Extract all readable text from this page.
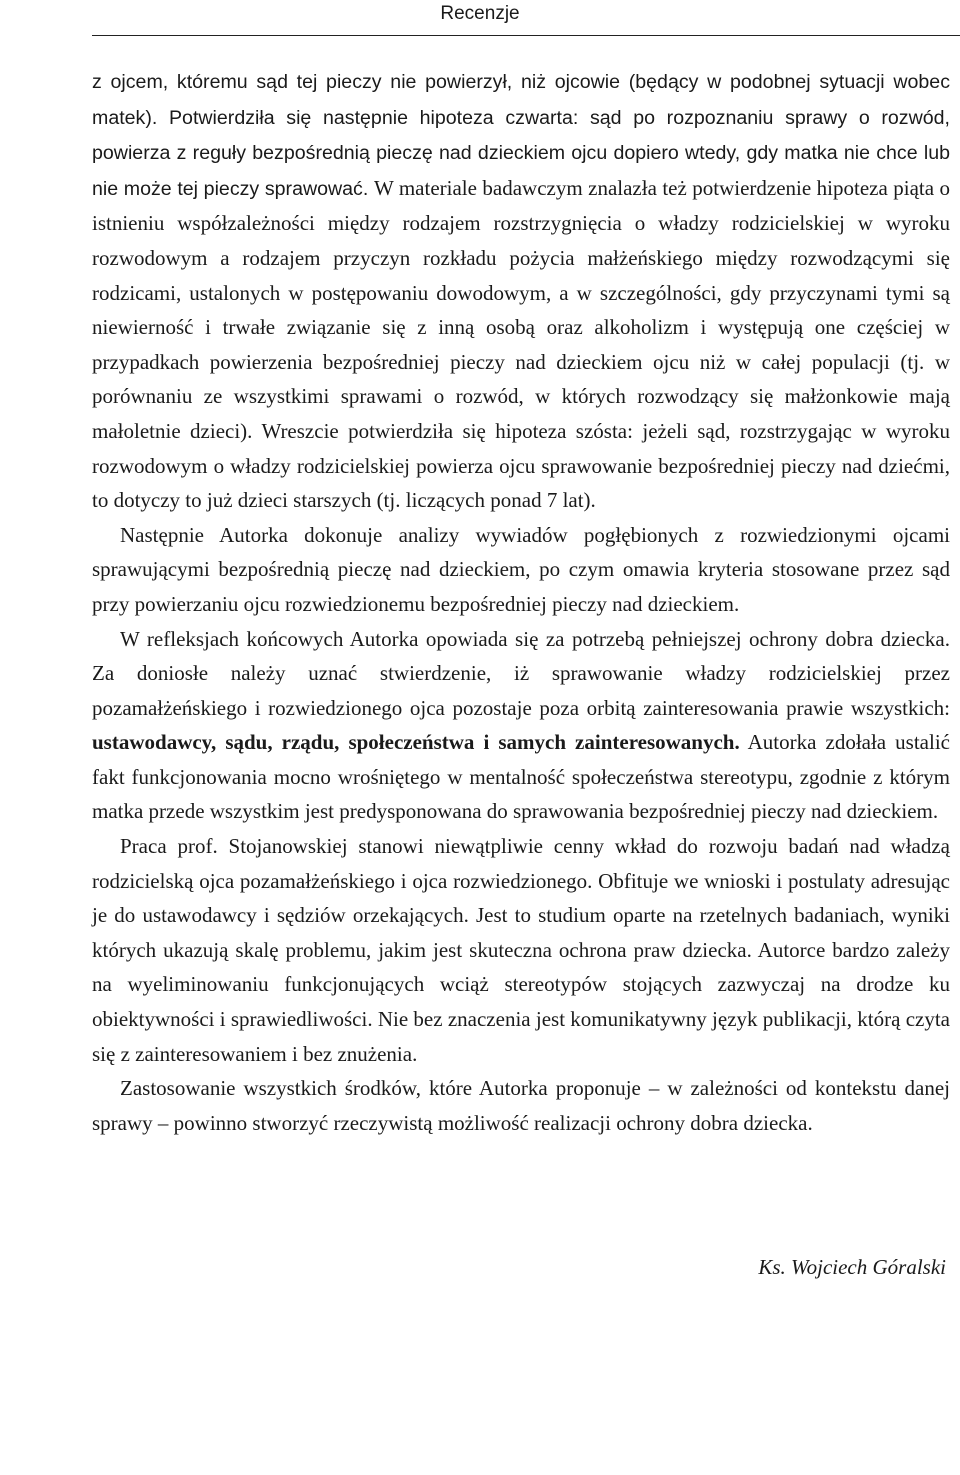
Recenzje

z ojcem, któremu sąd tej pieczy nie powierzył, niż ojcowie (będący w podobnej sytuacji wobec matek). Potwierdziła się następnie hipoteza czwarta: sąd po rozpoznaniu sprawy o rozwód, powierza z reguły bezpośrednią pieczę nad dzieckiem ojcu dopiero wtedy, gdy matka nie chce lub nie może tej pieczy sprawować. W materiale badawczym znalazła też potwierdzenie hipoteza piąta o istnieniu współzależności między rodzajem rozstrzygnięcia o władzy rodzicielskiej w wyroku rozwodowym a rodzajem przyczyn rozkładu pożycia małżeńskiego między rozwodzącymi się rodzicami, ustalonych w postępowaniu dowodowym, a w szczególności, gdy przyczynami tymi są niewierność i trwałe związanie się z inną osobą oraz alkoholizm i występują one częściej w przypadkach powierzenia bezpośredniej pieczy nad dzieckiem ojcu niż w całej populacji (tj. w porównaniu ze wszystkimi sprawami o rozwód, w których rozwodzący się małżonkowie mają małoletnie dzieci). Wreszcie potwierdziła się hipoteza szósta: jeżeli sąd, rozstrzygając w wyroku rozwodowym o władzy rodzicielskiej powierza ojcu sprawowanie bezpośredniej pieczy nad dziećmi, to dotyczy to już dzieci starszych (tj. liczących ponad 7 lat).

Następnie Autorka dokonuje analizy wywiadów pogłębionych z rozwiedzionymi ojcami sprawującymi bezpośrednią pieczę nad dzieckiem, po czym omawia kryteria stosowane przez sąd przy powierzaniu ojcu rozwiedzionemu bezpośredniej pieczy nad dzieckiem.

W refleksjach końcowych Autorka opowiada się za potrzebą pełniejszej ochrony dobra dziecka. Za doniosłe należy uznać stwierdzenie, iż sprawowanie władzy rodzicielskiej przez pozamałżeńskiego i rozwiedzionego ojca pozostaje poza orbitą zainteresowania prawie wszystkich: ustawodawcy, sądu, rządu, społeczeństwa i samych zainteresowanych. Autorka zdołała ustalić fakt funkcjonowania mocno wrośniętego w mentalność społeczeństwa stereotypu, zgodnie z którym matka przede wszystkim jest predysponowana do sprawowania bezpośredniej pieczy nad dzieckiem.

Praca prof. Stojanowskiej stanowi niewątpliwie cenny wkład do rozwoju badań nad władzą rodzicielską ojca pozamałżeńskiego i ojca rozwiedzionego. Obfituje we wnioski i postulaty adresując je do ustawodawcy i sędziów orzekających. Jest to studium oparte na rzetelnych badaniach, wyniki których ukazują skalę problemu, jakim jest skuteczna ochrona praw dziecka. Autorce bardzo zależy na wyeliminowaniu funkcjonujących wciąż stereotypów stojących zazwyczaj na drodze ku obiektywności i sprawiedliwości. Nie bez znaczenia jest komunikatywny język publikacji, którą czyta się z zainteresowaniem i bez znużenia.

Zastosowanie wszystkich środków, które Autorka proponuje – w zależności od kontekstu danej sprawy – powinno stworzyć rzeczywistą możliwość realizacji ochrony dobra dziecka.

Ks. Wojciech Góralski
